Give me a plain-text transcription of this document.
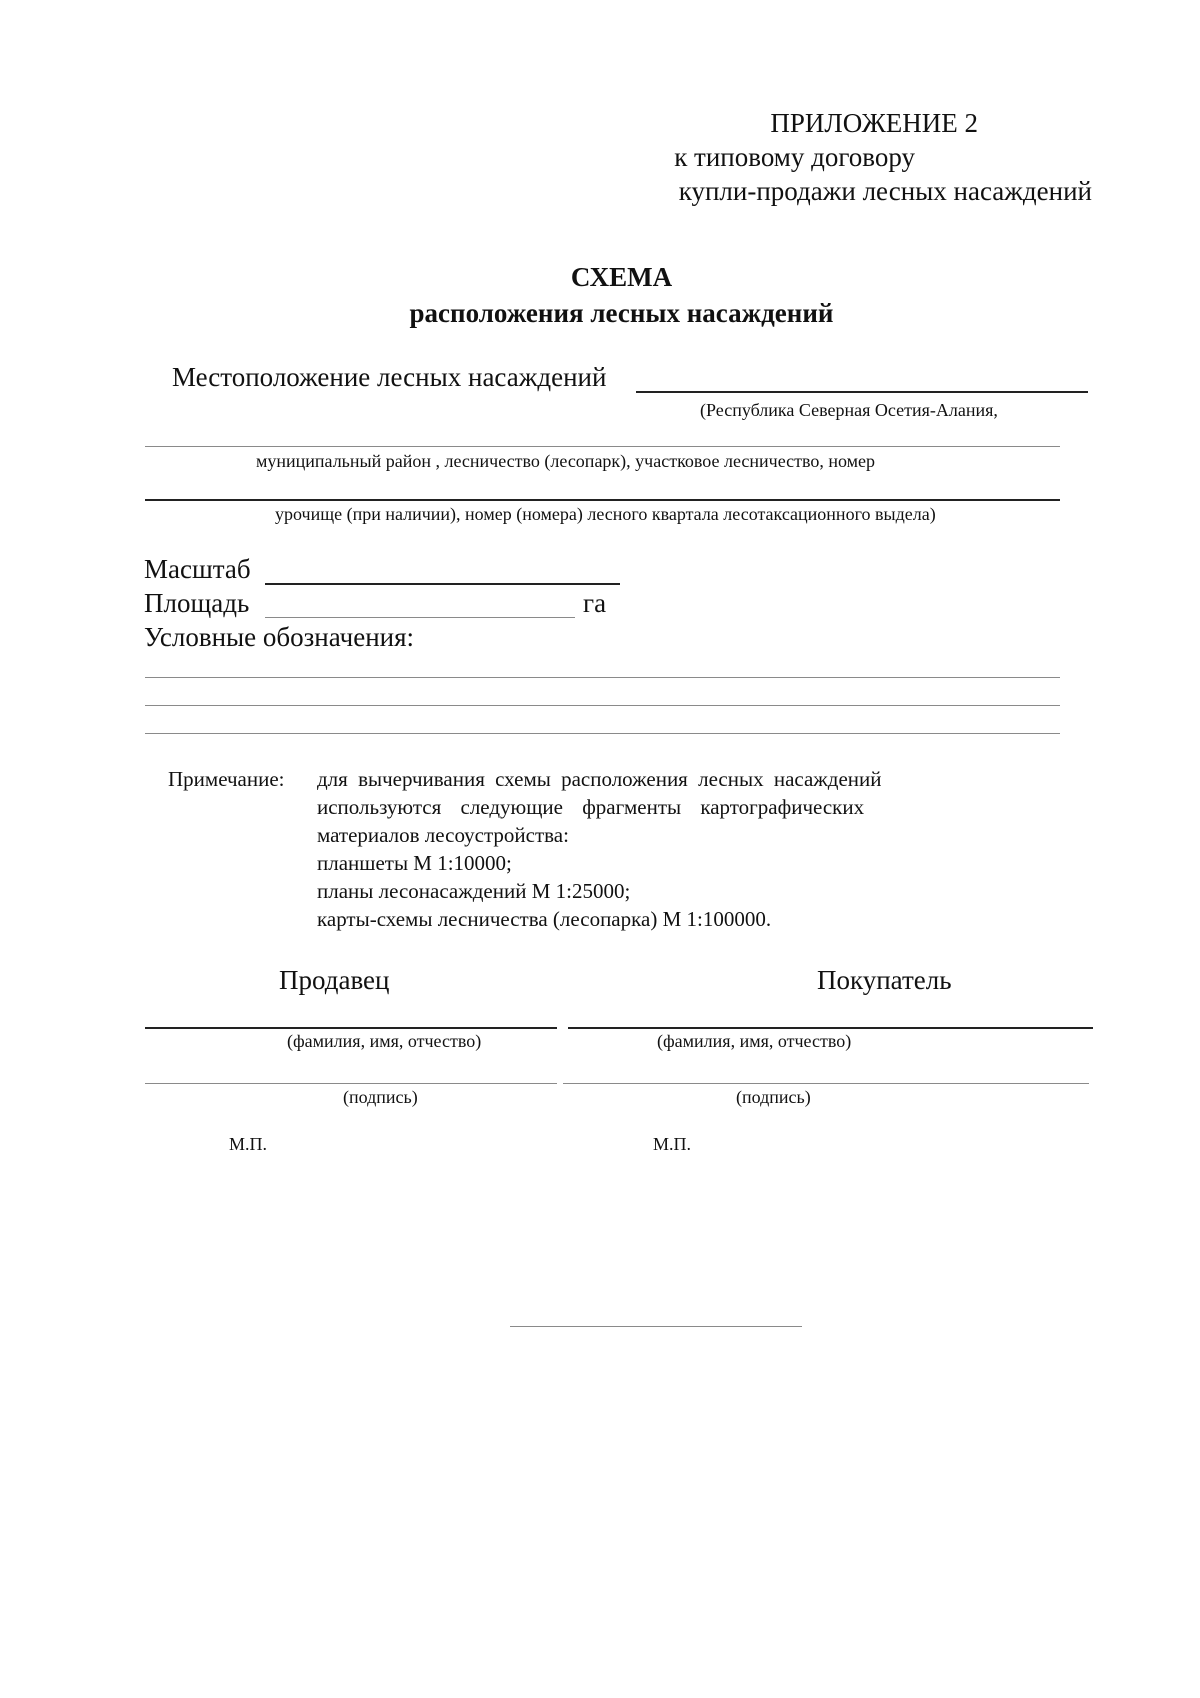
ПРИЛОЖЕНИЕ 2
к типовому договору
купли-продажи лесных насаждений
СХЕМА
расположения лесных насаждений
Местоположение лесных насаждений
(Республика Северная Осетия-Алания,
муниципальный район , лесничество (лесопарк), участковое лесничество, номер
урочище (при наличии), номер (номера) лесного квартала лесотаксационного выдела)
Масштаб
Площадь	га
Условные обозначения:
Примечание: для вычерчивания схемы расположения лесных насаждений
используются следующие фрагменты картографических
материалов лесоустройства:
планшеты М 1:10000;
планы лесонасаждений М 1:25000;
карты-схемы лесничества (лесопарка) М 1:100000.
Продавец	Покупатель
(фамилия, имя, отчество)	(фамилия, имя, отчество)
(подпись)	(подпись)
М.П.	М.П.
